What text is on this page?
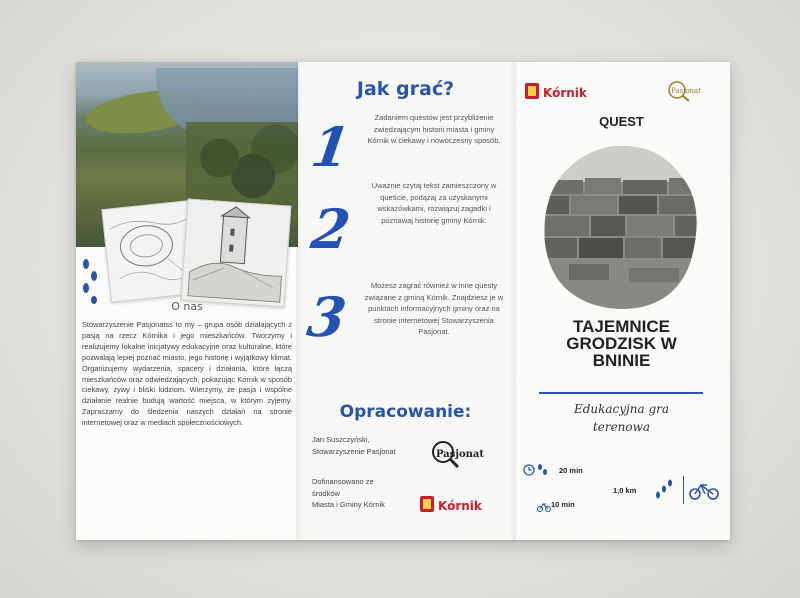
O nas
Stowarzyszenie Pasjonatss to my – grupa osób działających z pasją na rzecz Kórnika i jego mieszkańców. Tworzymy i realizujemy lokalne inicjatywy edukacyjne oraz kulturalne, które pozwalają lepiej poznać miasto, jego historię i wyjątkowy klimat. Organizujemy wydarzenia, spacery i działania, które łączą mieszkańców oraz odwiedzających, pokazując Kórnik w sposób ciekawy, żywy i bliski ludziom. Wierzymy, że pasja i wspólne działanie realnie budują wartość miejsca, w którym żyjemy. Zapraszamy do śledzenia naszych działań na stronie internetowej oraz w mediach społecznościowych.
Jak grać?
1	Zadaniem questów jest przybliżenie zwiedzającym historii miasta i gminy Kórnik w ciekawy i nowoczesny sposób.
2
Uważnie czytaj tekst zamieszczony w queście, podążaj za uzyskanymi wskazówkami, rozwiązuj zagadki i poznawaj historię gminy Kórnik.
3	Możesz zagrać również w inne questy związane z gminą Kórnik. Znajdziesz je w punktach informacyjnych gminy oraz na stronie internetowej Stowarzyszenia Pasjonat.
Opracowanie:
Jan Suszczyński,
Stowarzyszenie Pasjonat
Dofinansowano ze
środków
Miasta i Gminy Kórnik
Pasjonat
Kórnik
Kórnik	Pasjonat
QUEST
TAJEMNICE
GRODZISK W
BNINIE
Edukacyjna gra
terenowa
20 min
10 min
1,0 km
